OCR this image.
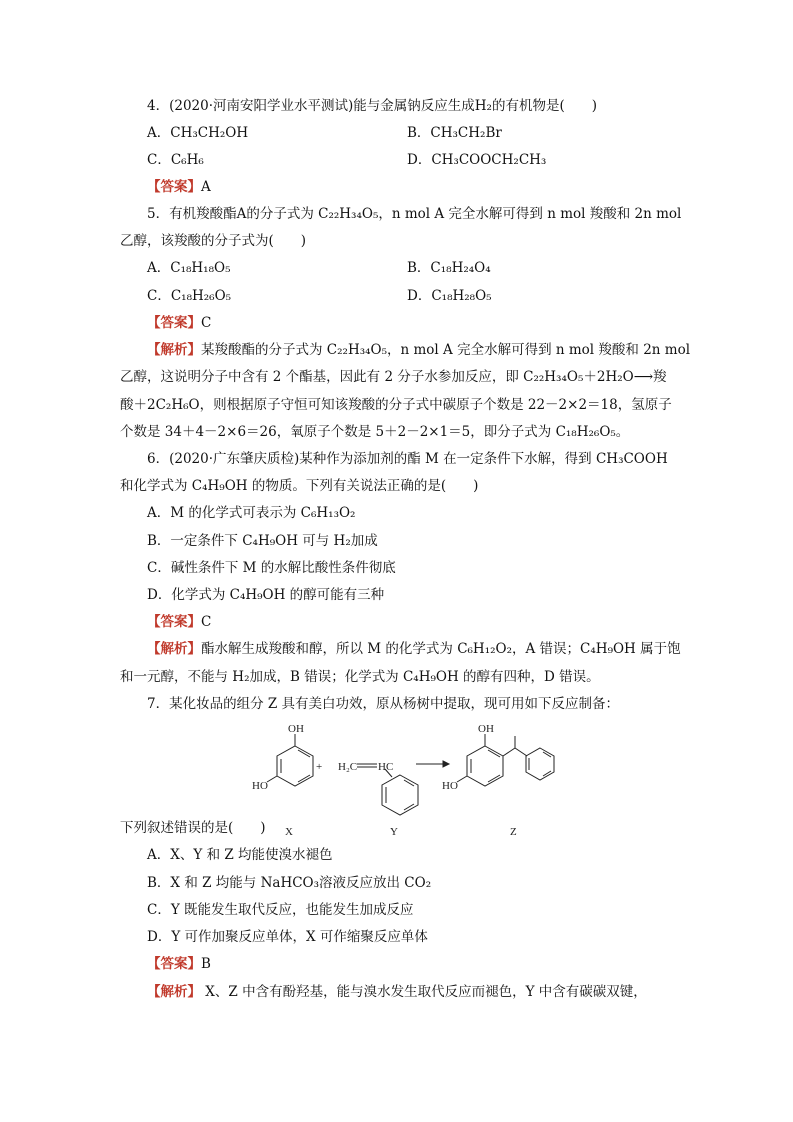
4．(2020·河南安阳学业水平测试)能与金属钠反应生成H₂的有机物是(　　)
A．CH₃CH₂OH	B．CH₃CH₂Br
C．C₆H₆	D．CH₃COOCH₂CH₃
【答案】A
5．有机羧酸酯A的分子式为 C₂₂H₃₄O₅，n mol A 完全水解可得到 n mol 羧酸和 2n mol
乙醇，该羧酸的分子式为(　　)
A．C₁₈H₁₈O₅	B．C₁₈H₂₄O₄
C．C₁₈H₂₆O₅	D．C₁₈H₂₈O₅
【答案】C
【解析】某羧酸酯的分子式为 C₂₂H₃₄O₅，n mol A 完全水解可得到 n mol 羧酸和 2n mol
乙醇，这说明分子中含有 2 个酯基，因此有 2 分子水参加反应，即 C₂₂H₃₄O₅＋2H₂O⟶羧
酸＋2C₂H₆O，则根据原子守恒可知该羧酸的分子式中碳原子个数是 22－2×2＝18，氢原子
个数是 34＋4－2×6＝26，氧原子个数是 5＋2－2×1＝5，即分子式为 C₁₈H₂₆O₅。
6．(2020·广东肇庆质检)某种作为添加剂的酯 M 在一定条件下水解，得到 CH₃COOH
和化学式为 C₄H₉OH 的物质。下列有关说法正确的是(　　)
A．M 的化学式可表示为 C₆H₁₃O₂
B．一定条件下 C₄H₉OH 可与 H₂加成
C．碱性条件下 M 的水解比酸性条件彻底
D．化学式为 C₄H₉OH 的醇可能有三种
【答案】C
【解析】酯水解生成羧酸和醇，所以 M 的化学式为 C₆H₁₂O₂，A 错误；C₄H₉OH 属于饱
和一元醇，不能与 H₂加成，B 错误；化学式为 C₄H₉OH 的醇有四种，D 错误。
7．某化妆品的组分 Z 具有美白功效，原从杨树中提取，现可用如下反应制备：
OH
HO
X
+ H₂C HC
Y
OH
HO
Z
下列叙述错误的是(　　)
A．X、Y 和 Z 均能使溴水褪色
B．X 和 Z 均能与 NaHCO₃溶液反应放出 CO₂
C．Y 既能发生取代反应，也能发生加成反应
D．Y 可作加聚反应单体，X 可作缩聚反应单体
【答案】B
【解析】 X、Z 中含有酚羟基，能与溴水发生取代反应而褪色，Y 中含有碳碳双键，
